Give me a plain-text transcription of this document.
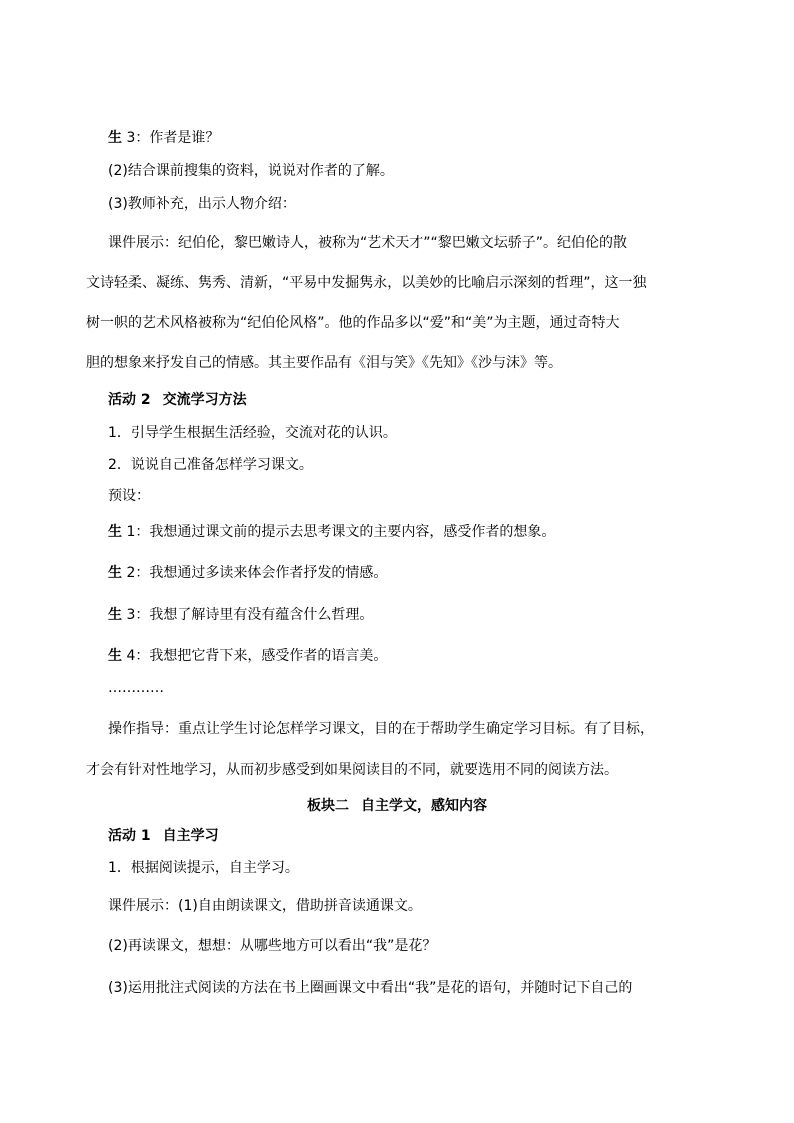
生 3：作者是谁？
(2)结合课前搜集的资料，说说对作者的了解。
(3)教师补充，出示人物介绍：
课件展示：纪伯伦，黎巴嫩诗人，被称为“艺术天才”“黎巴嫩文坛骄子”。纪伯伦的散
文诗轻柔、凝练、隽秀、清新，“平易中发掘隽永，以美妙的比喻启示深刻的哲理”，这一独
树一帜的艺术风格被称为“纪伯伦风格”。他的作品多以“爱”和“美”为主题，通过奇特大
胆的想象来抒发自己的情感。其主要作品有《泪与笑》《先知》《沙与沫》等。
活动 2 交流学习方法
1．引导学生根据生活经验，交流对花的认识。
2．说说自己准备怎样学习课文。
预设：
生 1：我想通过课文前的提示去思考课文的主要内容，感受作者的想象。
生 2：我想通过多读来体会作者抒发的情感。
生 3：我想了解诗里有没有蕴含什么哲理。
生 4：我想把它背下来，感受作者的语言美。
…………
操作指导：重点让学生讨论怎样学习课文，目的在于帮助学生确定学习目标。有了目标，
才会有针对性地学习，从而初步感受到如果阅读目的不同，就要选用不同的阅读方法。
板块二 自主学文，感知内容
活动 1 自主学习
1．根据阅读提示，自主学习。
课件展示：(1)自由朗读课文，借助拼音读通课文。
(2)再读课文，想想：从哪些地方可以看出“我”是花？
(3)运用批注式阅读的方法在书上圈画课文中看出“我”是花的语句，并随时记下自己的
